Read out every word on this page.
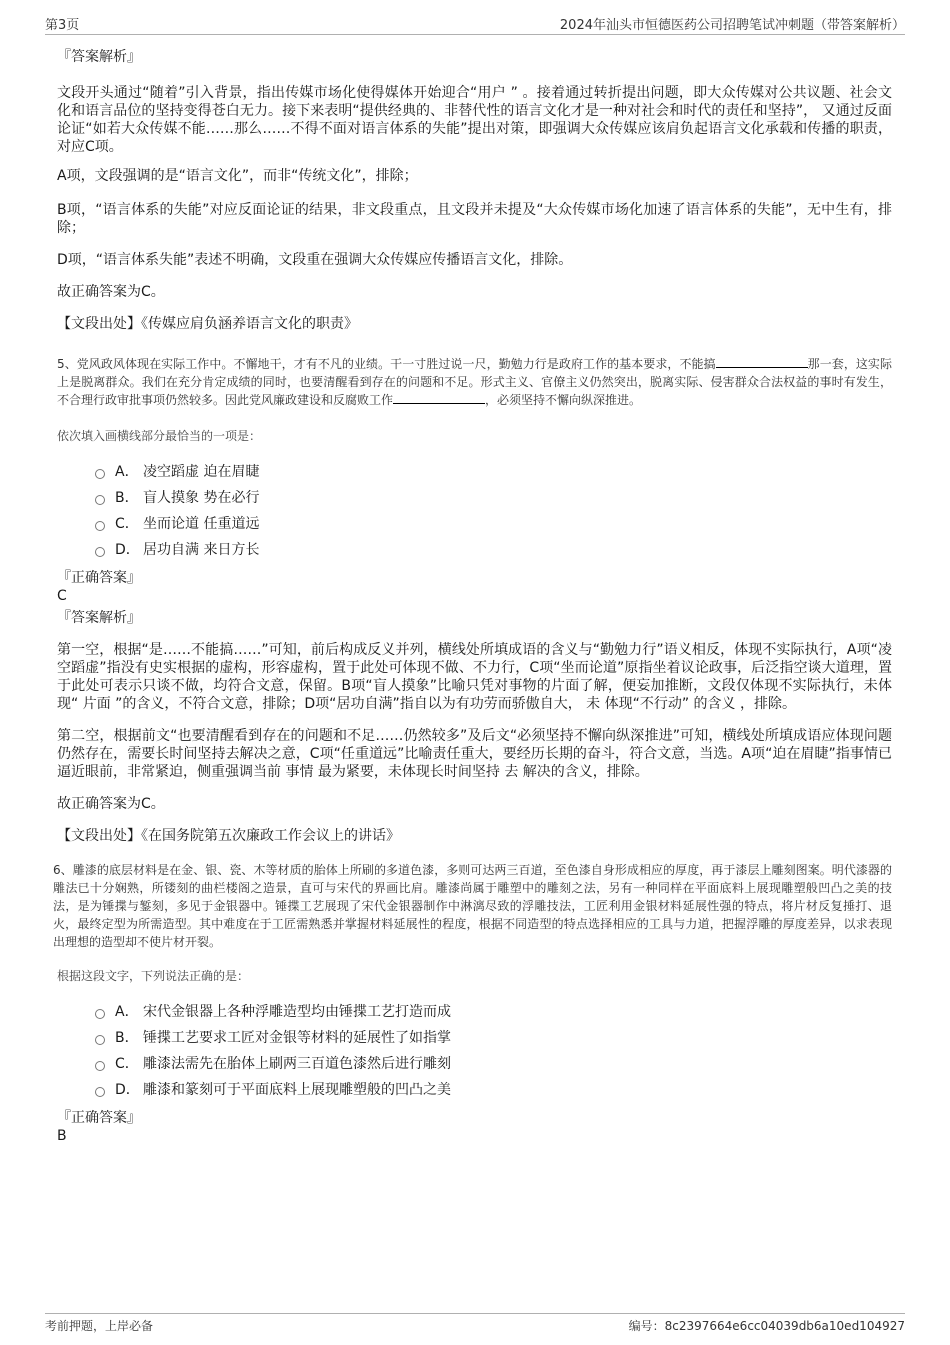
第3页	2024年汕头市恒德医药公司招聘笔试冲刺题（带答案解析）
『答案解析』
文段开头通过“随着”引入背景，指出传媒市场化使得媒体开始迎合“用户 ” 。接着通过转折提出问题，即大众传媒对公共议题、社会文化和语言品位的坚持变得苍白无力。接下来表明“提供经典的、非替代性的语言文化才是一种对社会和时代的责任和坚持”， 又通过反面论证“如若大众传媒不能……那么……不得不面对语言体系的失能”提出对策，即强调大众传媒应该肩负起语言文化承载和传播的职责，对应C项。
A项，文段强调的是“语言文化”，而非“传统文化”，排除；
B项，“语言体系的失能”对应反面论证的结果，非文段重点，且文段并未提及“大众传媒市场化加速了语言体系的失能”，无中生有，排除；
D项，“语言体系失能”表述不明确，文段重在强调大众传媒应传播语言文化，排除。
故正确答案为C。
【文段出处】《传媒应肩负涵养语言文化的职责》
5、党风政风体现在实际工作中。不懈地干，才有不凡的业绩。干一寸胜过说一尺，勤勉力行是政府工作的基本要求，不能搞	那一套，这实际上是脱离群众。我们在充分肯定成绩的同时，也要清醒看到存在的问题和不足。形式主义、官僚主义仍然突出，脱离实际、侵害群众合法权益的事时有发生，不合理行政审批事项仍然较多。因此党风廉政建设和反腐败工作	，必须坚持不懈向纵深推进。
依次填入画横线部分最恰当的一项是：
A． 凌空蹈虚 迫在眉睫
B． 盲人摸象 势在必行
C． 坐而论道 任重道远
D． 居功自满 来日方长
『正确答案』
C
『答案解析』
第一空，根据“是……不能搞……”可知，前后构成反义并列，横线处所填成语的含义与“勤勉力行”语义相反，体现不实际执行，A项“凌空蹈虚”指没有史实根据的虚构，形容虚构，置于此处可体现不做、不力行，C项“坐而论道”原指坐着议论政事，后泛指空谈大道理，置于此处可表示只谈不做，均符合文意，保留。B项“盲人摸象”比喻只凭对事物的片面了解，便妄加推断，文段仅体现不实际执行，未体现“ 片面 ”的含义，不符合文意，排除；D项“居功自满”指自以为有功劳而骄傲自大， 未 体现“不行动” 的含义 ，排除。
第二空，根据前文“也要清醒看到存在的问题和不足……仍然较多”及后文“必须坚持不懈向纵深推进”可知，横线处所填成语应体现问题仍然存在，需要长时间坚持去解决之意，C项“任重道远”比喻责任重大，要经历长期的奋斗，符合文意，当选。A项“迫在眉睫”指事情已逼近眼前，非常紧迫，侧重强调当前 事情 最为紧要，未体现长时间坚持 去 解决的含义，排除。
故正确答案为C。
【文段出处】《在国务院第五次廉政工作会议上的讲话》
6、雕漆的底层材料是在金、银、瓷、木等材质的胎体上所刷的多道色漆，多则可达两三百道，至色漆自身形成相应的厚度，再于漆层上雕刻图案。明代漆器的雕法已十分娴熟，所镂刻的曲栏楼阁之造景，直可与宋代的界画比肩。雕漆尚属于雕塑中的雕刻之法，另有一种同样在平面底料上展现雕塑般凹凸之美的技法，是为锤揲与錾刻，多见于金银器中。锤揲工艺展现了宋代金银器制作中淋漓尽致的浮雕技法，工匠利用金银材料延展性强的特点，将片材反复捶打、退火，最终定型为所需造型。其中难度在于工匠需熟悉并掌握材料延展性的程度，根据不同造型的特点选择相应的工具与力道，把握浮雕的厚度差异，以求表现出理想的造型却不使片材开裂。
根据这段文字，下列说法正确的是：
A． 宋代金银器上各种浮雕造型均由锤揲工艺打造而成
B． 锤揲工艺要求工匠对金银等材料的延展性了如指掌
C． 雕漆法需先在胎体上刷两三百道色漆然后进行雕刻
D． 雕漆和篆刻可于平面底料上展现雕塑般的凹凸之美
『正确答案』
B
考前押题，上岸必备	编号：8c2397664e6cc04039db6a10ed104927
